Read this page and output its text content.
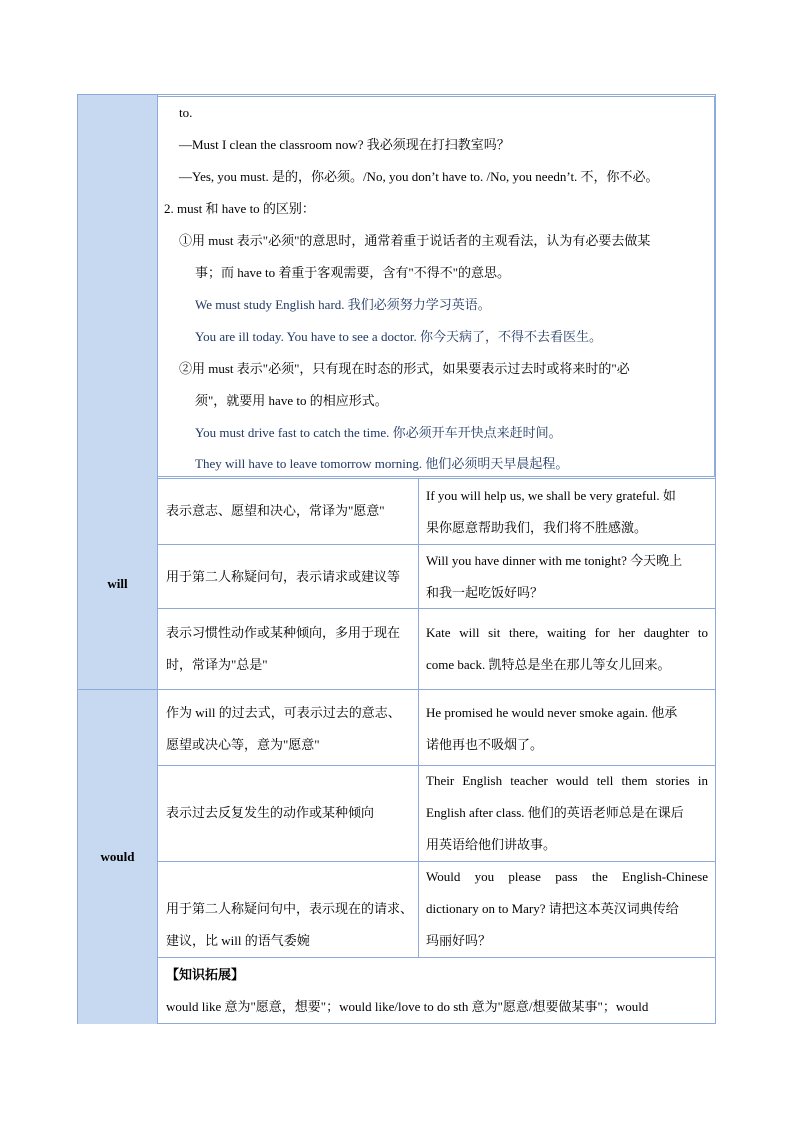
will
would
to.
—Must I clean the classroom now? 我必须现在打扫教室吗？
—Yes, you must. 是的，你必须。/No, you don’t have to. /No, you needn’t. 不，你不必。
2. must 和 have to 的区别：
①用 must 表示"必须"的意思时，通常着重于说话者的主观看法，认为有必要去做某
事；而 have to 着重于客观需要，含有"不得不"的意思。
We must study English hard. 我们必须努力学习英语。
You are ill today. You have to see a doctor. 你今天病了，不得不去看医生。
②用 must 表示"必须"，只有现在时态的形式，如果要表示过去时或将来时的"必
须"，就要用 have to 的相应形式。
You must drive fast to catch the time. 你必须开车开快点来赶时间。
They will have to leave tomorrow morning. 他们必须明天早晨起程。
表示意志、愿望和决心，常译为"愿意"
If you will help us, we shall be very grateful. 如
果你愿意帮助我们，我们将不胜感激。
用于第二人称疑问句，表示请求或建议等
Will you have dinner with me tonight? 今天晚上
和我一起吃饭好吗？
表示习惯性动作或某种倾向，多用于现在
时，常译为"总是"
Kate will sit there, waiting for her daughter to
come back. 凯特总是坐在那儿等女儿回来。
作为 will 的过去式，可表示过去的意志、
愿望或决心等，意为"愿意"
He promised he would never smoke again. 他承
诺他再也不吸烟了。
表示过去反复发生的动作或某种倾向
Their English teacher would tell them stories in
English after class. 他们的英语老师总是在课后
用英语给他们讲故事。
用于第二人称疑问句中，表示现在的请求、
建议，比 will 的语气委婉
Would you please pass the English-Chinese
dictionary on to Mary? 请把这本英汉词典传给
玛丽好吗？
【知识拓展】
would like 意为"愿意，想要"；would like/love to do sth 意为"愿意/想要做某事"；would
